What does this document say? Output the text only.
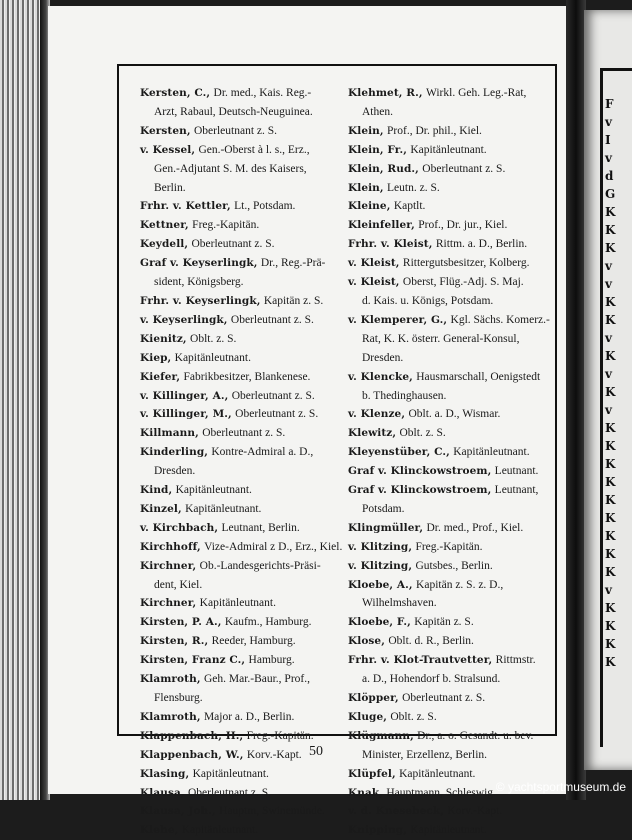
F
v
I
v
d
G
K
K
K
v
v
K
K
v
K
v
K
v
K
K
K
K
K
K
K
K
K
v
K
K
K
K
Kersten, C., Dr. med., Kais. Reg.-
Arzt, Rabaul, Deutsch-Neuguinea.
Kersten, Oberleutnant z. S.
v. Kessel, Gen.-Oberst à l. s., Erz.,
Gen.-Adjutant S. M. des Kaisers,
Berlin.
Frhr. v. Kettler, Lt., Potsdam.
Kettner, Freg.-Kapitän.
Keydell, Oberleutnant z. S.
Graf v. Keyserlingk, Dr., Reg.-Prä-
sident, Königsberg.
Frhr. v. Keyserlingk, Kapitän z. S.
v. Keyserlingk, Oberleutnant z. S.
Kienitz, Oblt. z. S.
Kiep, Kapitänleutnant.
Kiefer, Fabrikbesitzer, Blankenese.
v. Killinger, A., Oberleutnant z. S.
v. Killinger, M., Oberleutnant z. S.
Killmann, Oberleutnant z. S.
Kinderling, Kontre-Admiral a. D.,
Dresden.
Kind, Kapitänleutnant.
Kinzel, Kapitänleutnant.
v. Kirchbach, Leutnant, Berlin.
Kirchhoff, Vize-Admiral z D., Erz., Kiel.
Kirchner, Ob.-Landesgerichts-Präsi-
dent, Kiel.
Kirchner, Kapitänleutnant.
Kirsten, P. A., Kaufm., Hamburg.
Kirsten, R., Reeder, Hamburg.
Kirsten, Franz C., Hamburg.
Klamroth, Geh. Mar.-Baur., Prof.,
Flensburg.
Klamroth, Major a. D., Berlin.
Klappenbach, H., Freg.-Kapitän.
Klappenbach, W., Korv.-Kapt.
Klasing, Kapitänleutnant.
Klausa, Oberleutnant z. S.
Klausa, Joh., Hauptm, Swinemünde.
Klehe, Kapitänleutnant.
Klehmet, R., Wirkl. Geh. Leg.-Rat,
Athen.
Klein, Prof., Dr. phil., Kiel.
Klein, Fr., Kapitänleutnant.
Klein, Rud., Oberleutnant z. S.
Klein, Leutn. z. S.
Kleine, Kaptlt.
Kleinfeller, Prof., Dr. jur., Kiel.
Frhr. v. Kleist, Rittm. a. D., Berlin.
v. Kleist, Rittergutsbesitzer, Kolberg.
v. Kleist, Oberst, Flüg.-Adj. S. Maj.
d. Kais. u. Königs, Potsdam.
v. Klemperer, G., Kgl. Sächs. Komerz.-
Rat, K. K. österr. General-Konsul,
Dresden.
v. Klencke, Hausmarschall, Oenigstedt
b. Thedinghausen.
v. Klenze, Oblt. a. D., Wismar.
Klewitz, Oblt. z. S.
Kleyenstüber, C., Kapitänleutnant.
Graf v. Klinckowstroem, Leutnant.
Graf v. Klinckowstroem, Leutnant,
Potsdam.
Klingmüller, Dr. med., Prof., Kiel.
v. Klitzing, Freg.-Kapitän.
v. Klitzing, Gutsbes., Berlin.
Kloebe, A., Kapitän z. S. z. D.,
Wilhelmshaven.
Kloebe, F., Kapitän z. S.
Klose, Oblt. d. R., Berlin.
Frhr. v. Klot-Trautvetter, Rittmstr.
a. D., Hohendorf b. Stralsund.
Klöpper, Oberleutnant z. S.
Kluge, Oblt. z. S.
Klügmann, Dr., a. o. Gesandt. u. bev.
Minister, Erzellenz, Berlin.
Klüpfel, Kapitänleutnant.
Knak, Hauptmann, Schleswig.
v. d. Knesebeck, Korv.-Kapt.
Knipping, Kapitänleutnant.
50
© yachtsportmuseum.de
